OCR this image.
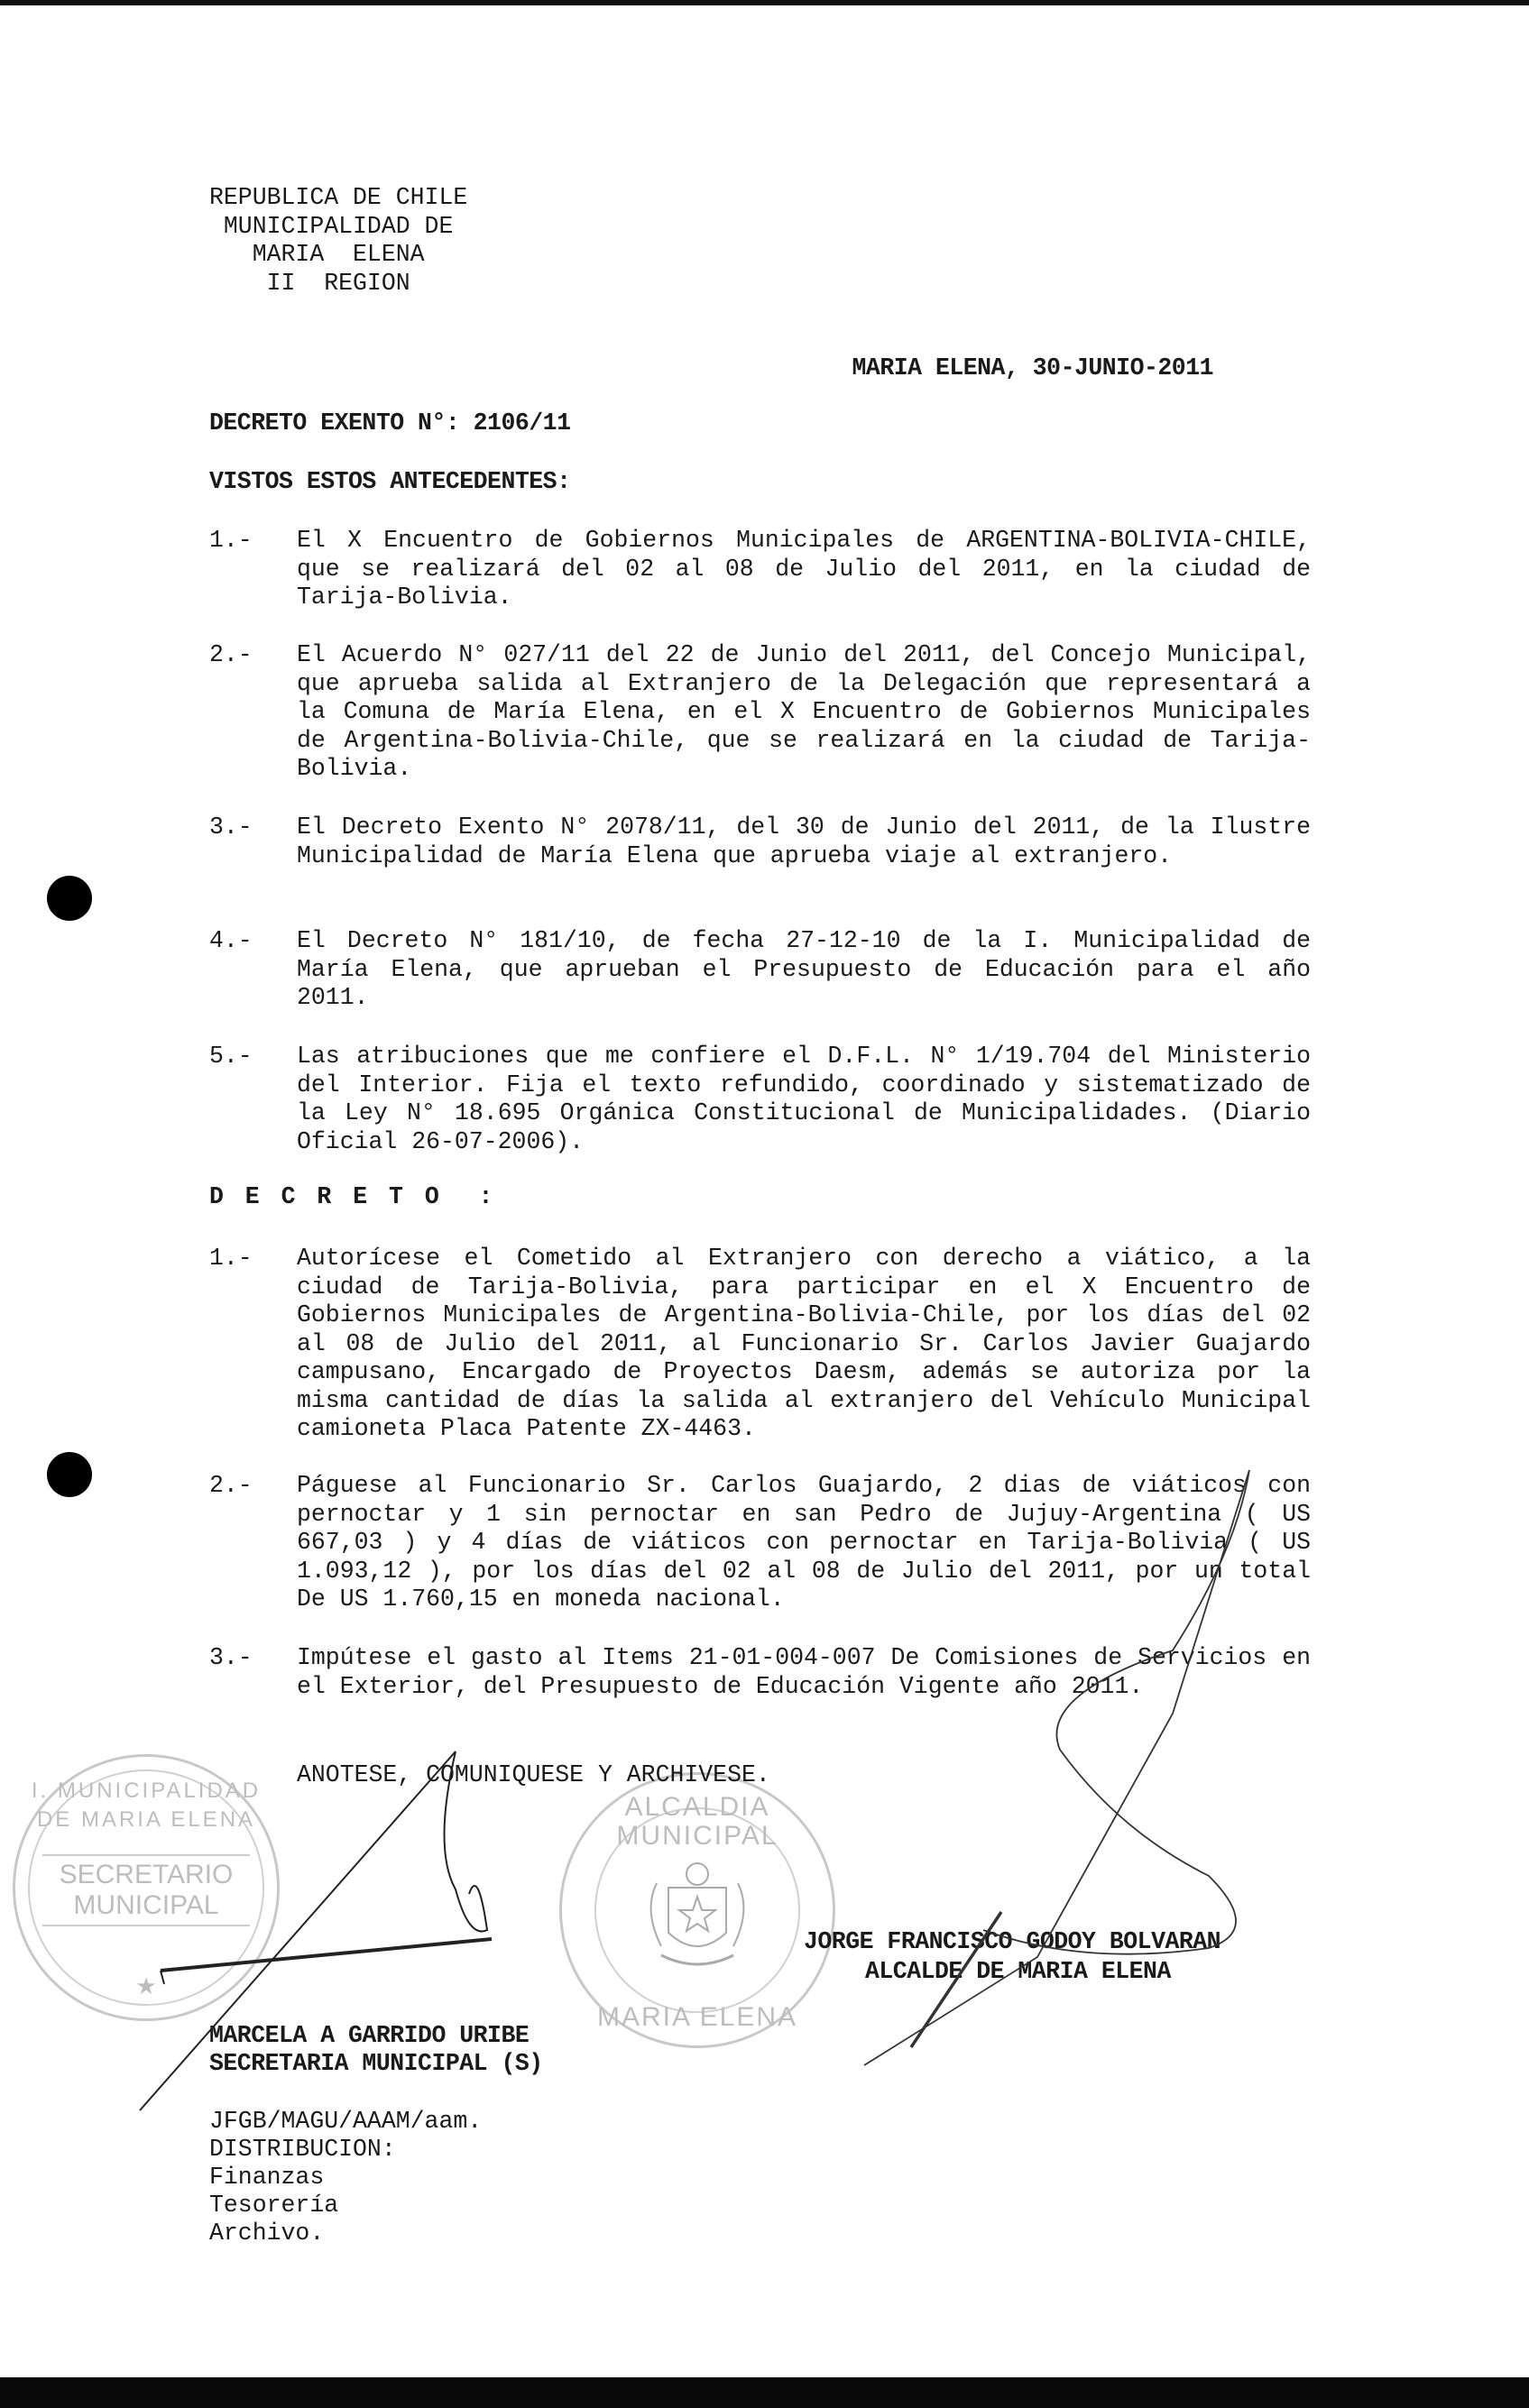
REPUBLICA DE CHILE
MUNICIPALIDAD DE
MARIA  ELENA
II  REGION
MARIA ELENA, 30-JUNIO-2011
DECRETO EXENTO N°: 2106/11
VISTOS ESTOS ANTECEDENTES:
1.- El X Encuentro de Gobiernos Municipales de ARGENTINA-BOLIVIA-CHILE, que se realizará del 02 al 08 de Julio del 2011, en la ciudad de Tarija-Bolivia.
2.- El Acuerdo N° 027/11 del 22 de Junio del 2011, del Concejo Municipal, que aprueba salida al Extranjero de la Delegación que representará a la Comuna de María Elena, en el X Encuentro de Gobiernos Municipales de Argentina-Bolivia-Chile, que se realizará en la ciudad de Tarija-Bolivia.
3.- El Decreto Exento N° 2078/11, del 30 de Junio del 2011, de la Ilustre Municipalidad de María Elena que aprueba viaje al extranjero.
4.- El Decreto N° 181/10, de fecha 27-12-10 de la I. Municipalidad de María Elena, que aprueban el Presupuesto de Educación para el año 2011.
5.- Las atribuciones que me confiere el D.F.L. N° 1/19.704 del Ministerio del Interior. Fija el texto refundido, coordinado y sistematizado de la Ley N° 18.695 Orgánica Constitucional de Municipalidades. (Diario Oficial 26-07-2006).
D E C R E T O  :
1.- Autorícese el Cometido al Extranjero con derecho a viático, a la ciudad de Tarija-Bolivia, para participar en el X Encuentro de Gobiernos Municipales de Argentina-Bolivia-Chile, por los días del 02 al 08 de Julio del 2011, al Funcionario Sr. Carlos Javier Guajardo campusano, Encargado de Proyectos Daesm, además se autoriza por la misma cantidad de días la salida al extranjero del Vehículo Municipal camioneta Placa Patente ZX-4463.
2.- Páguese al Funcionario Sr. Carlos Guajardo, 2 dias de viáticos con pernoctar y 1 sin pernoctar en san Pedro de Jujuy-Argentina ( US 667,03 ) y 4 días de viáticos con pernoctar en Tarija-Bolivia ( US 1.093,12 ), por los días del 02 al 08 de Julio del 2011, por un total De US 1.760,15 en moneda nacional.
3.- Impútese el gasto al Items 21-01-004-007 De Comisiones de Servicios en el Exterior, del Presupuesto de Educación Vigente año 2011.
I. MUNICIPALIDAD DE MARIA ELENA
SECRETARIO
MUNICIPAL
★
ALCALDIA MUNICIPAL
MARIA ELENA
ANOTESE, COMUNIQUESE Y ARCHIVESE.
JORGE FRANCISCO GODOY BOLVARAN
ALCALDE DE MARIA ELENA
MARCELA A GARRIDO URIBE
SECRETARIA MUNICIPAL (S)
JFGB/MAGU/AAAM/aam.
DISTRIBUCION:
Finanzas
Tesorería
Archivo.
